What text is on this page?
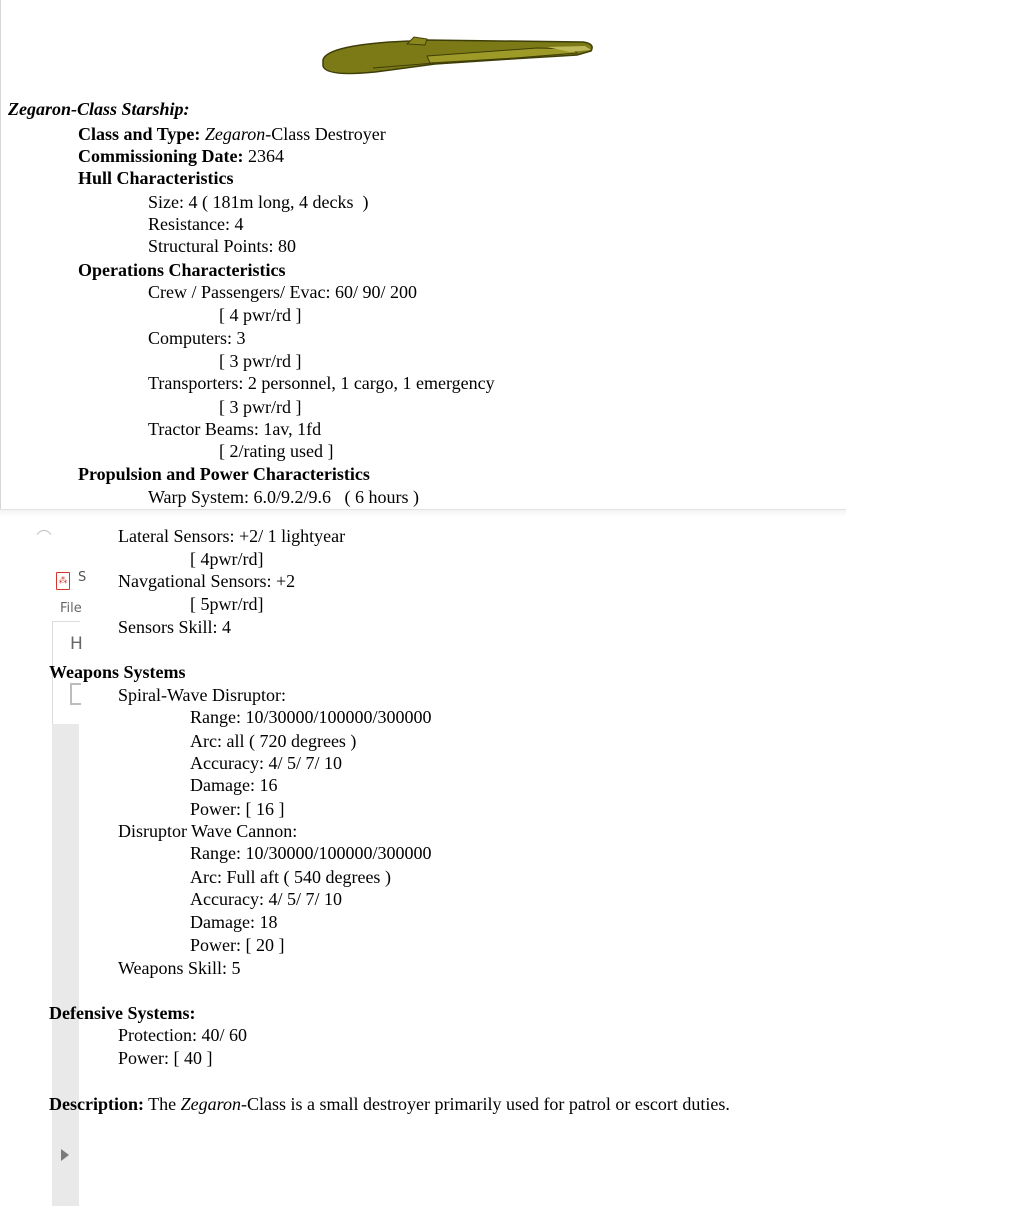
⁂ S
File
H
Zegaron-Class Starship:
Class and Type: Zegaron-Class Destroyer
Commissioning Date: 2364
Hull Characteristics
Size: 4 ( 181m long, 4 decks  )
Resistance: 4
Structural Points: 80
Operations Characteristics
Crew / Passengers/ Evac: 60/ 90/ 200
[ 4 pwr/rd ]
Computers: 3
[ 3 pwr/rd ]
Transporters: 2 personnel, 1 cargo, 1 emergency
[ 3 pwr/rd ]
Tractor Beams: 1av, 1fd
[ 2/rating used ]
Propulsion and Power Characteristics
Warp System: 6.0/9.2/9.6   ( 6 hours )
Lateral Sensors: +2/ 1 lightyear
[ 4pwr/rd]
Navgational Sensors: +2
[ 5pwr/rd]
Sensors Skill: 4
Weapons Systems
Spiral-Wave Disruptor:
Range: 10/30000/100000/300000
Arc: all ( 720 degrees )
Accuracy: 4/ 5/ 7/ 10
Damage: 16
Power: [ 16 ]
Disruptor Wave Cannon:
Range: 10/30000/100000/300000
Arc: Full aft ( 540 degrees )
Accuracy: 4/ 5/ 7/ 10
Damage: 18
Power: [ 20 ]
Weapons Skill: 5
Defensive Systems:
Protection: 40/ 60
Power: [ 40 ]
Description: The Zegaron-Class is a small destroyer primarily used for patrol or escort duties.
